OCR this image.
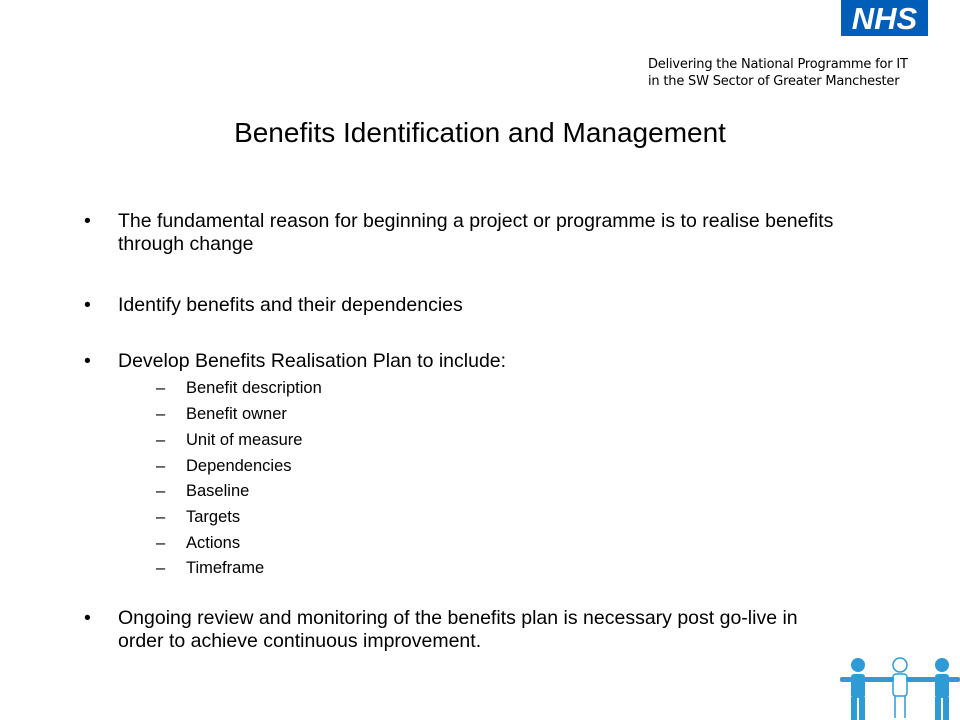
NHS
Delivering the National Programme for IT
in the SW Sector of Greater Manchester
Benefits Identification and Management
• The fundamental reason for beginning a project or programme is to realise benefits through change
• Identify benefits and their dependencies
• Develop Benefits Realisation Plan to include:
– Benefit description
– Benefit owner
– Unit of measure
– Dependencies
– Baseline
– Targets
– Actions
– Timeframe
• Ongoing review and monitoring of the benefits plan is necessary post go-live in order to achieve continuous improvement.
